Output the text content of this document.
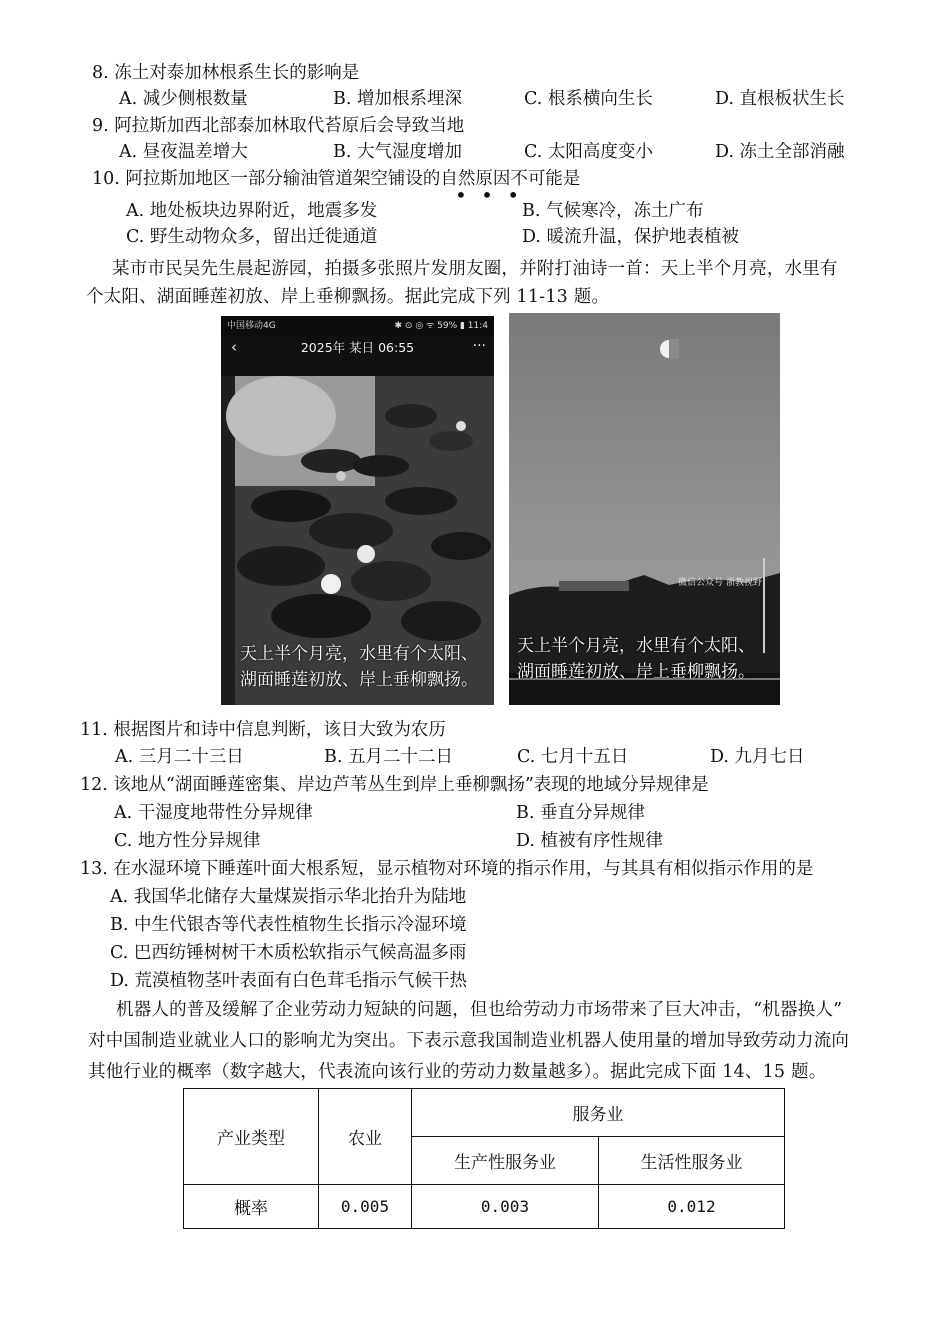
8. 冻土对泰加林根系生长的影响是
A. 减少侧根数量	B. 增加根系埋深	C. 根系横向生长	D. 直根板状生长
9. 阿拉斯加西北部泰加林取代苔原后会导致当地
A. 昼夜温差增大	B. 大气湿度增加	C. 太阳高度变小	D. 冻土全部消融
10. 阿拉斯加地区一部分输油管道架空铺设的自然原因不可能是
• • •
A. 地处板块边界附近，地震多发	B. 气候寒冷，冻土广布
C. 野生动物众多，留出迁徙通道	D. 暖流升温，保护地表植被
某市市民吴先生晨起游园，拍摄多张照片发朋友圈，并附打油诗一首：天上半个月亮，水里有
个太阳、湖面睡莲初放、岸上垂柳飘扬。据此完成下列 11-13 题。
中国移动4G	✱ ⊙ ◎ ᯤ 59% ▮ 11:4
‹	2025年 某日 06:55	···
天上半个月亮，水里有个太阳、
湖面睡莲初放、岸上垂柳飘扬。
微信公众号 浙教视野
天上半个月亮，水里有个太阳、
湖面睡莲初放、岸上垂柳飘扬。
11. 根据图片和诗中信息判断，该日大致为农历
A. 三月二十三日	B. 五月二十二日	C. 七月十五日	D. 九月七日
12. 该地从“湖面睡莲密集、岸边芦苇丛生到岸上垂柳飘扬”表现的地域分异规律是
A. 干湿度地带性分异规律	B. 垂直分异规律
C. 地方性分异规律	D. 植被有序性规律
13. 在水湿环境下睡莲叶面大根系短，显示植物对环境的指示作用，与其具有相似指示作用的是
A. 我国华北储存大量煤炭指示华北抬升为陆地
B. 中生代银杏等代表性植物生长指示冷湿环境
C. 巴西纺锤树树干木质松软指示气候高温多雨
D. 荒漠植物茎叶表面有白色茸毛指示气候干热
机器人的普及缓解了企业劳动力短缺的问题，但也给劳动力市场带来了巨大冲击，“机器换人”
对中国制造业就业人口的影响尤为突出。下表示意我国制造业机器人使用量的增加导致劳动力流向
其他行业的概率（数字越大，代表流向该行业的劳动力数量越多）。据此完成下面 14、15 题。
产业类型	农业	服务业	
		生产性服务业	生活性服务业
概率	0.005	0.003	0.012
